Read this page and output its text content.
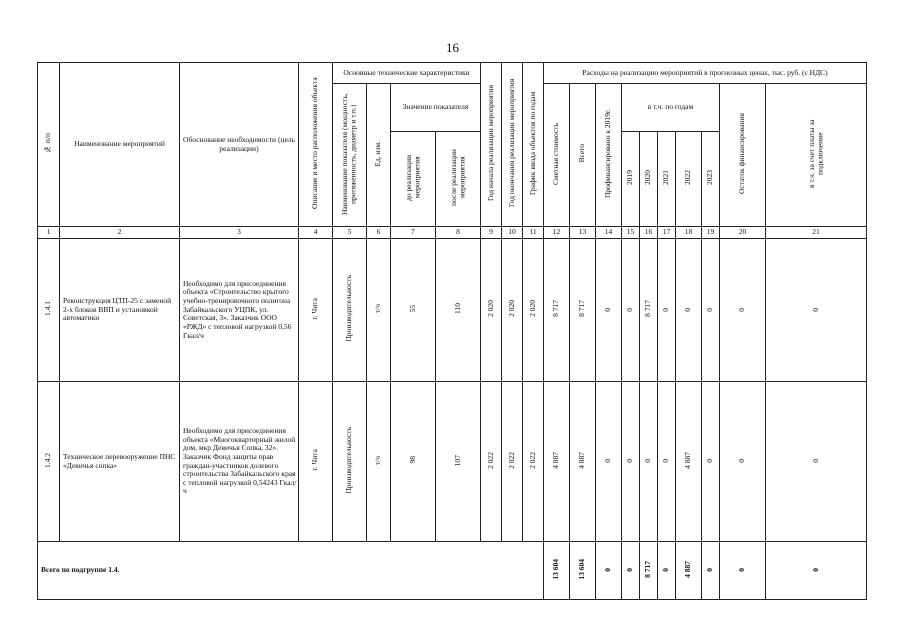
16
№ п/п	Наименование мероприятий	Обоснование необходимости (цель реализации)	Описание и место расположения объекта	Основные технические характеристики				Год начала реализации мероприятия	Год окончания реализации мероприятия	График ввода объектов по годам	Расходы на реализацию мероприятий в прогнозных ценах, тыс. руб. (с НДС)									
				Наименование показателя (мощность, протяженность, диаметр и т.п.)	Ед. изм.	Значение показателя					Сметная стоимость	Всего	Профинансировано к 2019г.	в т.ч. по годам					Остаток финансирования	в т.ч. за счет платы за подключение

						до реализации мероприятия	после реализации мероприятия							2019	2020	2021	2022	2023		
1	2	3	4	5	6	7	8	9	10	11	12	13	14	15	16	17	18	19	20	21
1.4.1	Реконструкция ЦТП-25 с заменой 2-х блоков ВВП и установкой автоматики	Необходимо для присоединения объекта «Строительство крытого учебно-тренировочного полигона Забайкальского УЦПК, ул. Советская, 3». Заказчик ООО «РЖД» с тепловой нагрузкой 0,56 Гкал/ч	г. Чита	Производительность	т/ч	55	110	2 020	2 020	2 020	8 717	8 717	0	0	8 717	0	0	0	0	0
1.4.2	Техническое перевооружение ПНС «Девичья сопка»	Необходимо для присоединения объекта «Многоквартирный жилой дом, мкр Девичья Сопка, 32». Заказчик Фонд защиты прав граждан-участников долевого строительства Забайкальского края с тепловой нагрузкой 0,54243 Гкал/ч	г. Чита	Производительность	т/ч	98	107	2 022	2 022	2 022	4 887	4 887	0	0	0	0	4 887	0	0	0
Всего по подгруппе 1.4.											13 604	13 604	0	0	8 717	0	4 887	0	0	0
